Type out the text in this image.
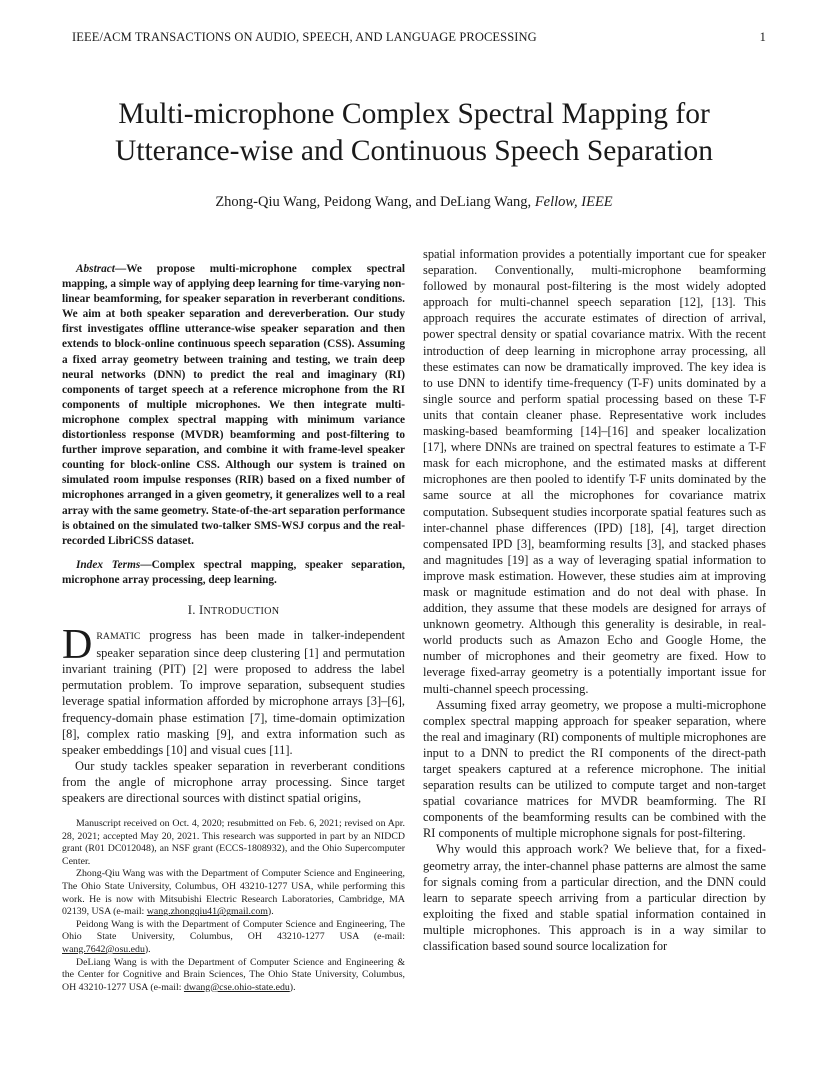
IEEE/ACM TRANSACTIONS ON AUDIO, SPEECH, AND LANGUAGE PROCESSING	1
Multi-microphone Complex Spectral Mapping for
Utterance-wise and Continuous Speech Separation
Zhong-Qiu Wang, Peidong Wang, and DeLiang Wang, Fellow, IEEE

Abstract—We propose multi-microphone complex spectral mapping, a simple way of applying deep learning for time-varying non-linear beamforming, for speaker separation in reverberant conditions. We aim at both speaker separation and dereverberation. Our study first investigates offline utterance-wise speaker separation and then extends to block-online continuous speech separation (CSS). Assuming a fixed array geometry between training and testing, we train deep neural networks (DNN) to predict the real and imaginary (RI) components of target speech at a reference microphone from the RI components of multiple microphones. We then integrate multi-microphone complex spectral mapping with minimum variance distortionless response (MVDR) beamforming and post-filtering to further improve separation, and combine it with frame-level speaker counting for block-online CSS. Although our system is trained on simulated room impulse responses (RIR) based on a fixed number of microphones arranged in a given geometry, it generalizes well to a real array with the same geometry. State-of-the-art separation performance is obtained on the simulated two-talker SMS-WSJ corpus and the real-recorded LibriCSS dataset.

Index Terms—Complex spectral mapping, speaker separation, microphone array processing, deep learning.

I. INTRODUCTION

DRAMATIC progress has been made in talker-independent speaker separation since deep clustering [1] and permutation invariant training (PIT) [2] were proposed to address the label permutation problem. To improve separation, subsequent studies leverage spatial information afforded by microphone arrays [3]–[6], frequency-domain phase estimation [7], time-domain optimization [8], complex ratio masking [9], and extra information such as speaker embeddings [10] and visual cues [11].

Our study tackles speaker separation in reverberant conditions from the angle of microphone array processing. Since target speakers are directional sources with distinct spatial origins,

Manuscript received on Oct. 4, 2020; resubmitted on Feb. 6, 2021; revised on Apr. 28, 2021; accepted May 20, 2021. This research was supported in part by an NIDCD grant (R01 DC012048), an NSF grant (ECCS-1808932), and the Ohio Supercomputer Center.

Zhong-Qiu Wang was with the Department of Computer Science and Engineering, The Ohio State University, Columbus, OH 43210-1277 USA, while performing this work. He is now with Mitsubishi Electric Research Laboratories, Cambridge, MA 02139, USA (e-mail: wang.zhongqiu41@gmail.com).

Peidong Wang is with the Department of Computer Science and Engineering, The Ohio State University, Columbus, OH 43210-1277 USA (e-mail: wang.7642@osu.edu).

DeLiang Wang is with the Department of Computer Science and Engineering & the Center for Cognitive and Brain Sciences, The Ohio State University, Columbus, OH 43210-1277 USA (e-mail: dwang@cse.ohio-state.edu).

spatial information provides a potentially important cue for speaker separation. Conventionally, multi-microphone beamforming followed by monaural post-filtering is the most widely adopted approach for multi-channel speech separation [12], [13]. This approach requires the accurate estimates of direction of arrival, power spectral density or spatial covariance matrix. With the recent introduction of deep learning in microphone array processing, all these estimates can now be dramatically improved. The key idea is to use DNN to identify time-frequency (T-F) units dominated by a single source and perform spatial processing based on these T-F units that contain cleaner phase. Representative work includes masking-based beamforming [14]–[16] and speaker localization [17], where DNNs are trained on spectral features to estimate a T-F mask for each microphone, and the estimated masks at different microphones are then pooled to identify T-F units dominated by the same source at all the microphones for covariance matrix computation. Subsequent studies incorporate spatial features such as inter-channel phase differences (IPD) [18], [4], target direction compensated IPD [3], beamforming results [3], and stacked phases and magnitudes [19] as a way of leveraging spatial information to improve mask estimation. However, these studies aim at improving mask or magnitude estimation and do not deal with phase. In addition, they assume that these models are designed for arrays of unknown geometry. Although this generality is desirable, in real-world products such as Amazon Echo and Google Home, the number of microphones and their geometry are fixed. How to leverage fixed-array geometry is a potentially important issue for multi-channel speech processing.

Assuming fixed array geometry, we propose a multi-microphone complex spectral mapping approach for speaker separation, where the real and imaginary (RI) components of multiple microphones are input to a DNN to predict the RI components of the direct-path target speakers captured at a reference microphone. The initial separation results can be utilized to compute target and non-target spatial covariance matrices for MVDR beamforming. The RI components of the beamforming results can be combined with the RI components of multiple microphone signals for post-filtering.

Why would this approach work? We believe that, for a fixed-geometry array, the inter-channel phase patterns are almost the same for signals coming from a particular direction, and the DNN could learn to separate speech arriving from a particular direction by exploiting the fixed and stable spatial information contained in multiple microphones. This approach is in a way similar to classification based sound source localization for
